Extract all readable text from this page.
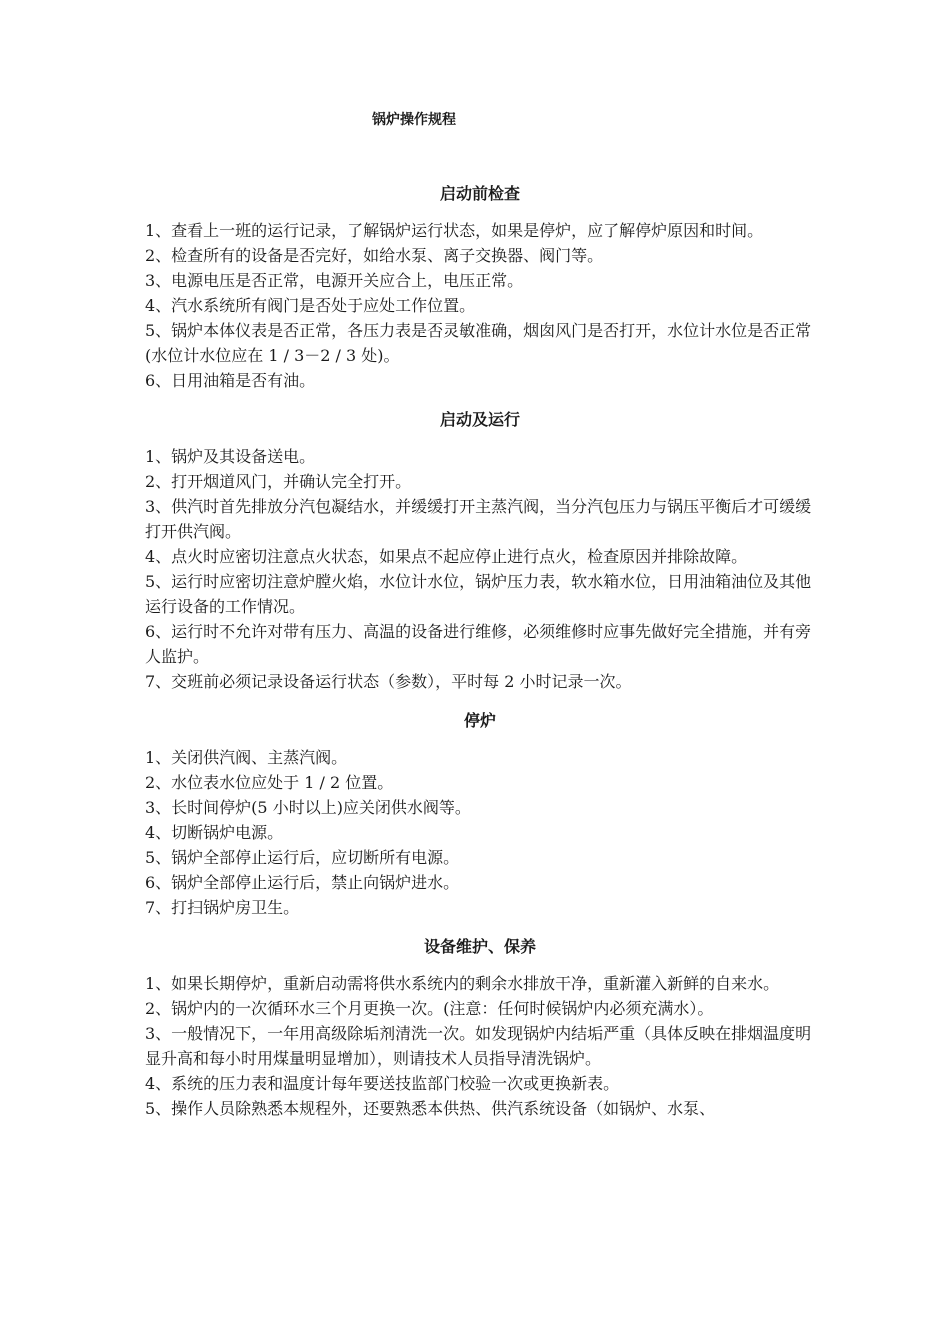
锅炉操作规程
启动前检查
1、查看上一班的运行记录，了解锅炉运行状态，如果是停炉，应了解停炉原因和时间。
2、检查所有的设备是否完好，如给水泵、离子交换器、阀门等。
3、电源电压是否正常，电源开关应合上，电压正常。
4、汽水系统所有阀门是否处于应处工作位置。
5、锅炉本体仪表是否正常，各压力表是否灵敏准确，烟囱风门是否打开，水位计水位是否正常(水位计水位应在 1 / 3－2 / 3 处)。
6、日用油箱是否有油。
启动及运行
1、锅炉及其设备送电。
2、打开烟道风门，并确认完全打开。
3、供汽时首先排放分汽包凝结水，并缓缓打开主蒸汽阀，当分汽包压力与锅压平衡后才可缓缓打开供汽阀。
4、点火时应密切注意点火状态，如果点不起应停止进行点火，检查原因并排除故障。
5、运行时应密切注意炉膛火焰，水位计水位，锅炉压力表，软水箱水位，日用油箱油位及其他运行设备的工作情况。
6、运行时不允许对带有压力、高温的设备进行维修，必须维修时应事先做好完全措施，并有旁人监护。
7、交班前必须记录设备运行状态（参数），平时每 2 小时记录一次。
停炉
1、关闭供汽阀、主蒸汽阀。
2、水位表水位应处于 1 / 2 位置。
3、长时间停炉(5 小时以上)应关闭供水阀等。
4、切断锅炉电源。
5、锅炉全部停止运行后，应切断所有电源。
6、锅炉全部停止运行后，禁止向锅炉进水。
7、打扫锅炉房卫生。
设备维护、保养
1、如果长期停炉，重新启动需将供水系统内的剩余水排放干净，重新灌入新鲜的自来水。
2、锅炉内的一次循环水三个月更换一次。(注意：任何时候锅炉内必须充满水）。
3、一般情况下，一年用高级除垢剂清洗一次。如发现锅炉内结垢严重（具体反映在排烟温度明显升高和每小时用煤量明显增加），则请技术人员指导清洗锅炉。
4、系统的压力表和温度计每年要送技监部门校验一次或更换新表。
5、操作人员除熟悉本规程外，还要熟悉本供热、供汽系统设备（如锅炉、水泵、
